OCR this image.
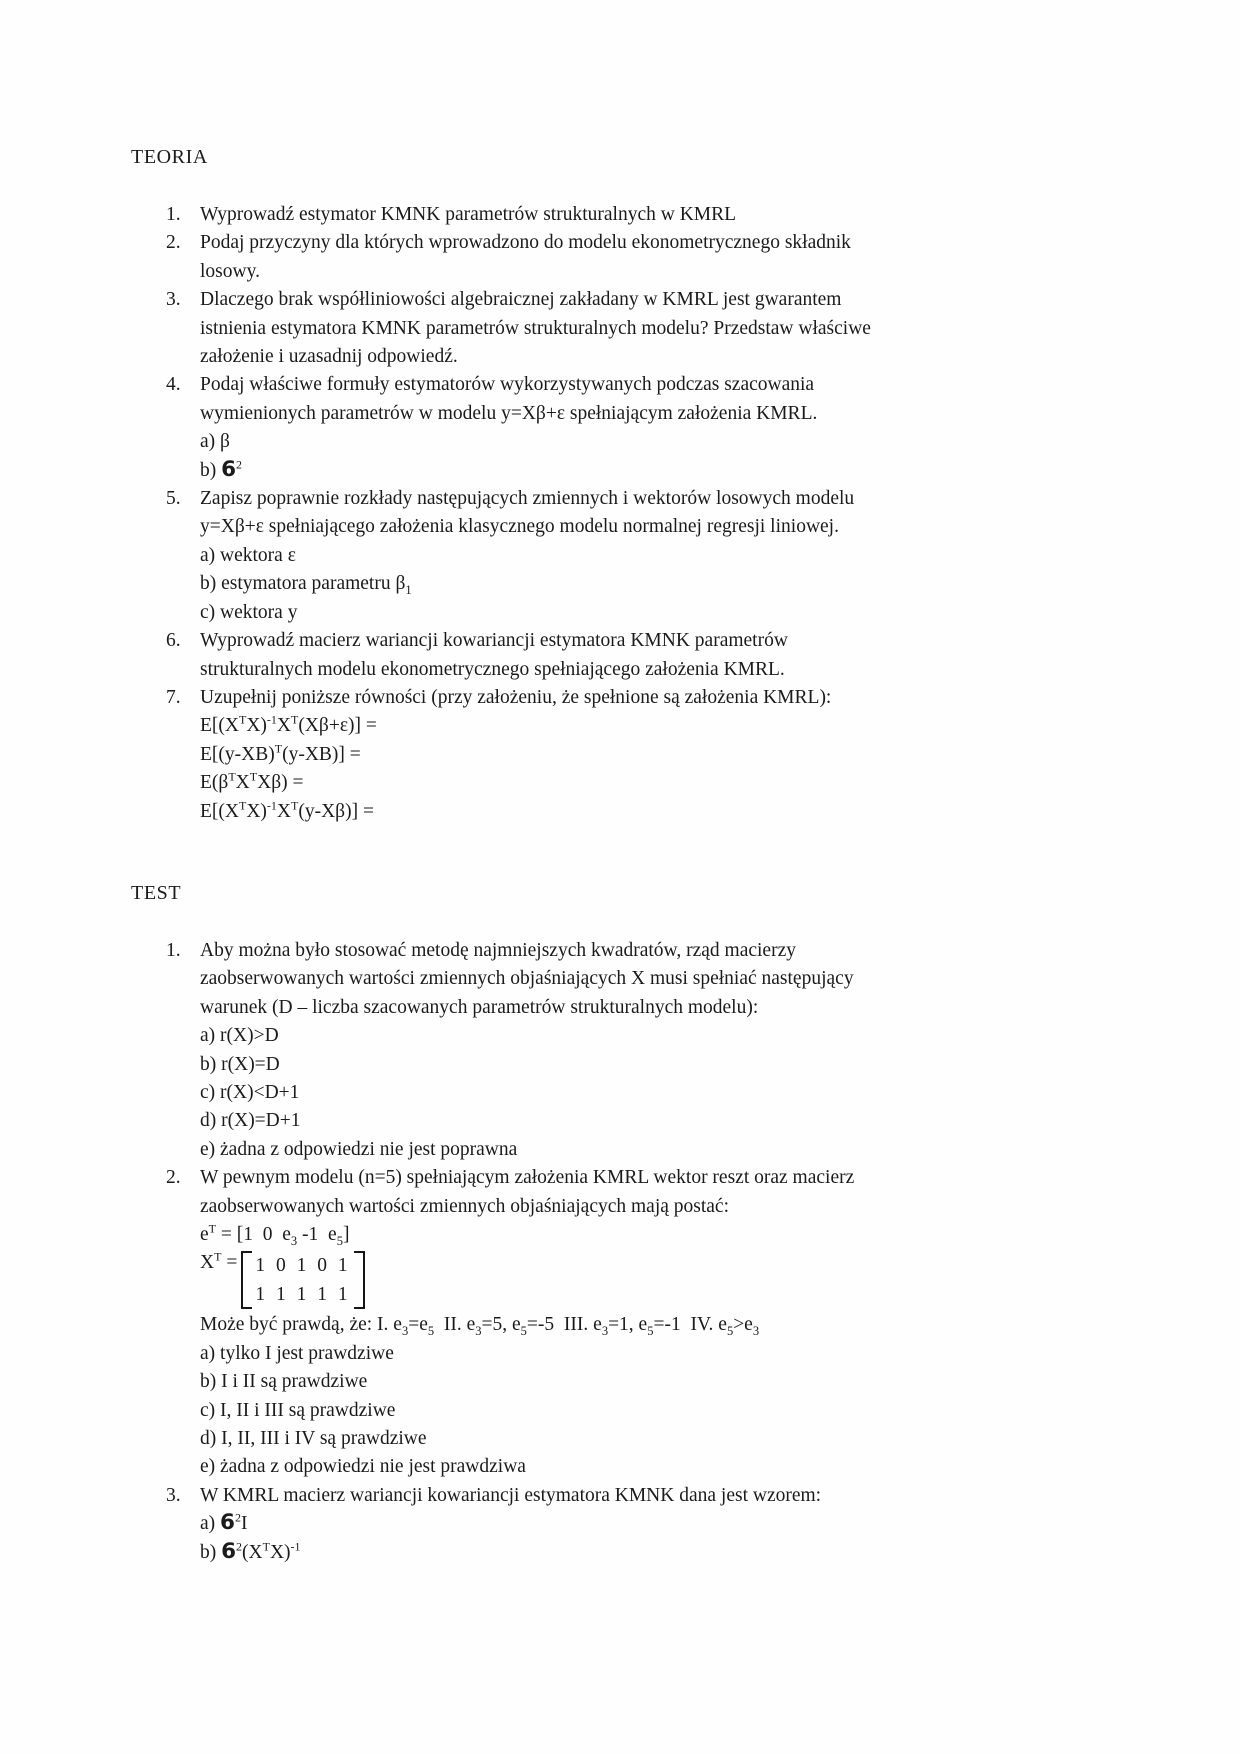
TEORIA
1. Wyprowadź estymator KMNK parametrów strukturalnych w KMRL
2. Podaj przyczyny dla których wprowadzono do modelu ekonometrycznego składnik
losowy.
3. Dlaczego brak współliniowości algebraicznej zakładany w KMRL jest gwarantem
istnienia estymatora KMNK parametrów strukturalnych modelu? Przedstaw właściwe
założenie i uzasadnij odpowiedź.
4. Podaj właściwe formuły estymatorów wykorzystywanych podczas szacowania
wymienionych parametrów w modelu y=Xβ+ε spełniającym założenia KMRL.
a) β
b) $6^2$
5. Zapisz poprawnie rozkłady następujących zmiennych i wektorów losowych modelu
y=Xβ+ε spełniającego założenia klasycznego modelu normalnej regresji liniowej.
a) wektora ε
b) estymatora parametru $\beta_1$
c) wektora y
6. Wyprowadź macierz wariancji kowariancji estymatora KMNK parametrów
strukturalnych modelu ekonometrycznego spełniającego założenia KMRL.
7. Uzupełnij poniższe równości (przy założeniu, że spełnione są założenia KMRL):
$E[(X^TX)^{-1}X^T(X\beta+\varepsilon)]$ =
$E[(y-XB)^T(y-XB)]$ =
$E(\beta^TX^TX\beta)$ =
$E[(X^TX)^{-1}X^T(y-X\beta)]$ =
TEST
1. Aby można było stosować metodę najmniejszych kwadratów, rząd macierzy
zaobserwowanych wartości zmiennych objaśniających X musi spełniać następujący
warunek (D – liczba szacowanych parametrów strukturalnych modelu):
a) r(X)>D
b) r(X)=D
c) r(X)<D+1
d) r(X)=D+1
e) żadna z odpowiedzi nie jest poprawna
2. W pewnym modelu (n=5) spełniającym założenia KMRL wektor reszt oraz macierz
zaobserwowanych wartości zmiennych objaśniających mają postać:
$e^T = [1$  0  $e_3$ -1  $e_5$]
$X^T = 1$ 0 1 0 1
1 1 1 1 1
Może być prawdą, że: I. $e_3=e_5$  II. $e_3=5$, $e_5=-5$  III. $e_3=1$, $e_5=-1$  IV. $e_5>e_3$
a) tylko I jest prawdziwe
b) I i II są prawdziwe
c) I, II i III są prawdziwe
d) I, II, III i IV są prawdziwe
e) żadna z odpowiedzi nie jest prawdziwa
3. W KMRL macierz wariancji kowariancji estymatora KMNK dana jest wzorem:
a) $6^2I$
b) $6^2(X^TX)^{-1}$
